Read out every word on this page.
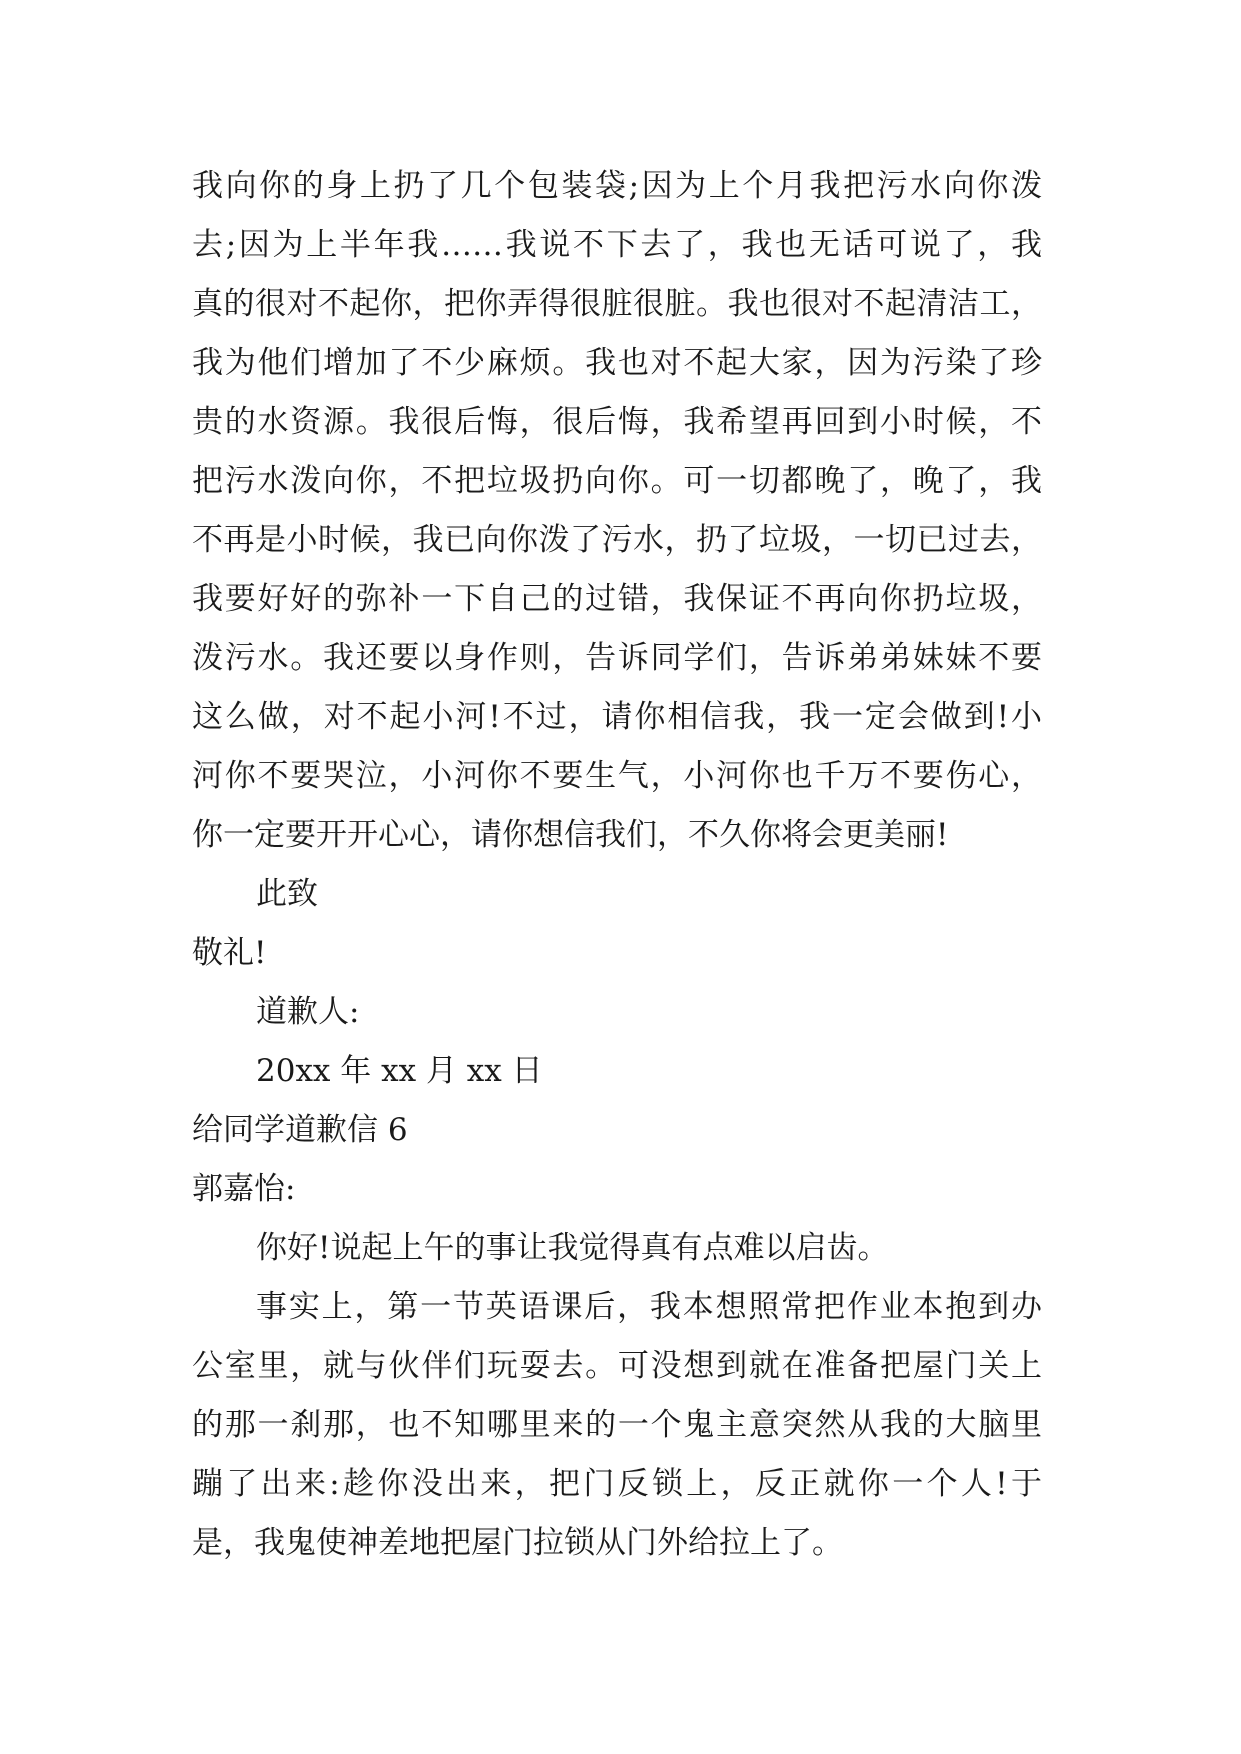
我向你的身上扔了几个包装袋;因为上个月我把污水向你泼
去;因为上半年我……我说不下去了，我也无话可说了，我
真的很对不起你，把你弄得很脏很脏。我也很对不起清洁工，
我为他们增加了不少麻烦。我也对不起大家，因为污染了珍
贵的水资源。我很后悔，很后悔，我希望再回到小时候，不
把污水泼向你，不把垃圾扔向你。可一切都晚了，晚了，我
不再是小时候，我已向你泼了污水，扔了垃圾，一切已过去，
我要好好的弥补一下自己的过错，我保证不再向你扔垃圾，
泼污水。我还要以身作则，告诉同学们，告诉弟弟妹妹不要
这么做，对不起小河!不过，请你相信我，我一定会做到!小
河你不要哭泣，小河你不要生气，小河你也千万不要伤心，
你一定要开开心心，请你想信我们，不久你将会更美丽!
此致
敬礼!
道歉人:
20xx 年 xx 月 xx 日
给同学道歉信 6
郭嘉怡:
你好!说起上午的事让我觉得真有点难以启齿。
事实上，第一节英语课后，我本想照常把作业本抱到办
公室里，就与伙伴们玩耍去。可没想到就在准备把屋门关上
的那一刹那，也不知哪里来的一个鬼主意突然从我的大脑里
蹦了出来:趁你没出来，把门反锁上，反正就你一个人!于
是，我鬼使神差地把屋门拉锁从门外给拉上了。
